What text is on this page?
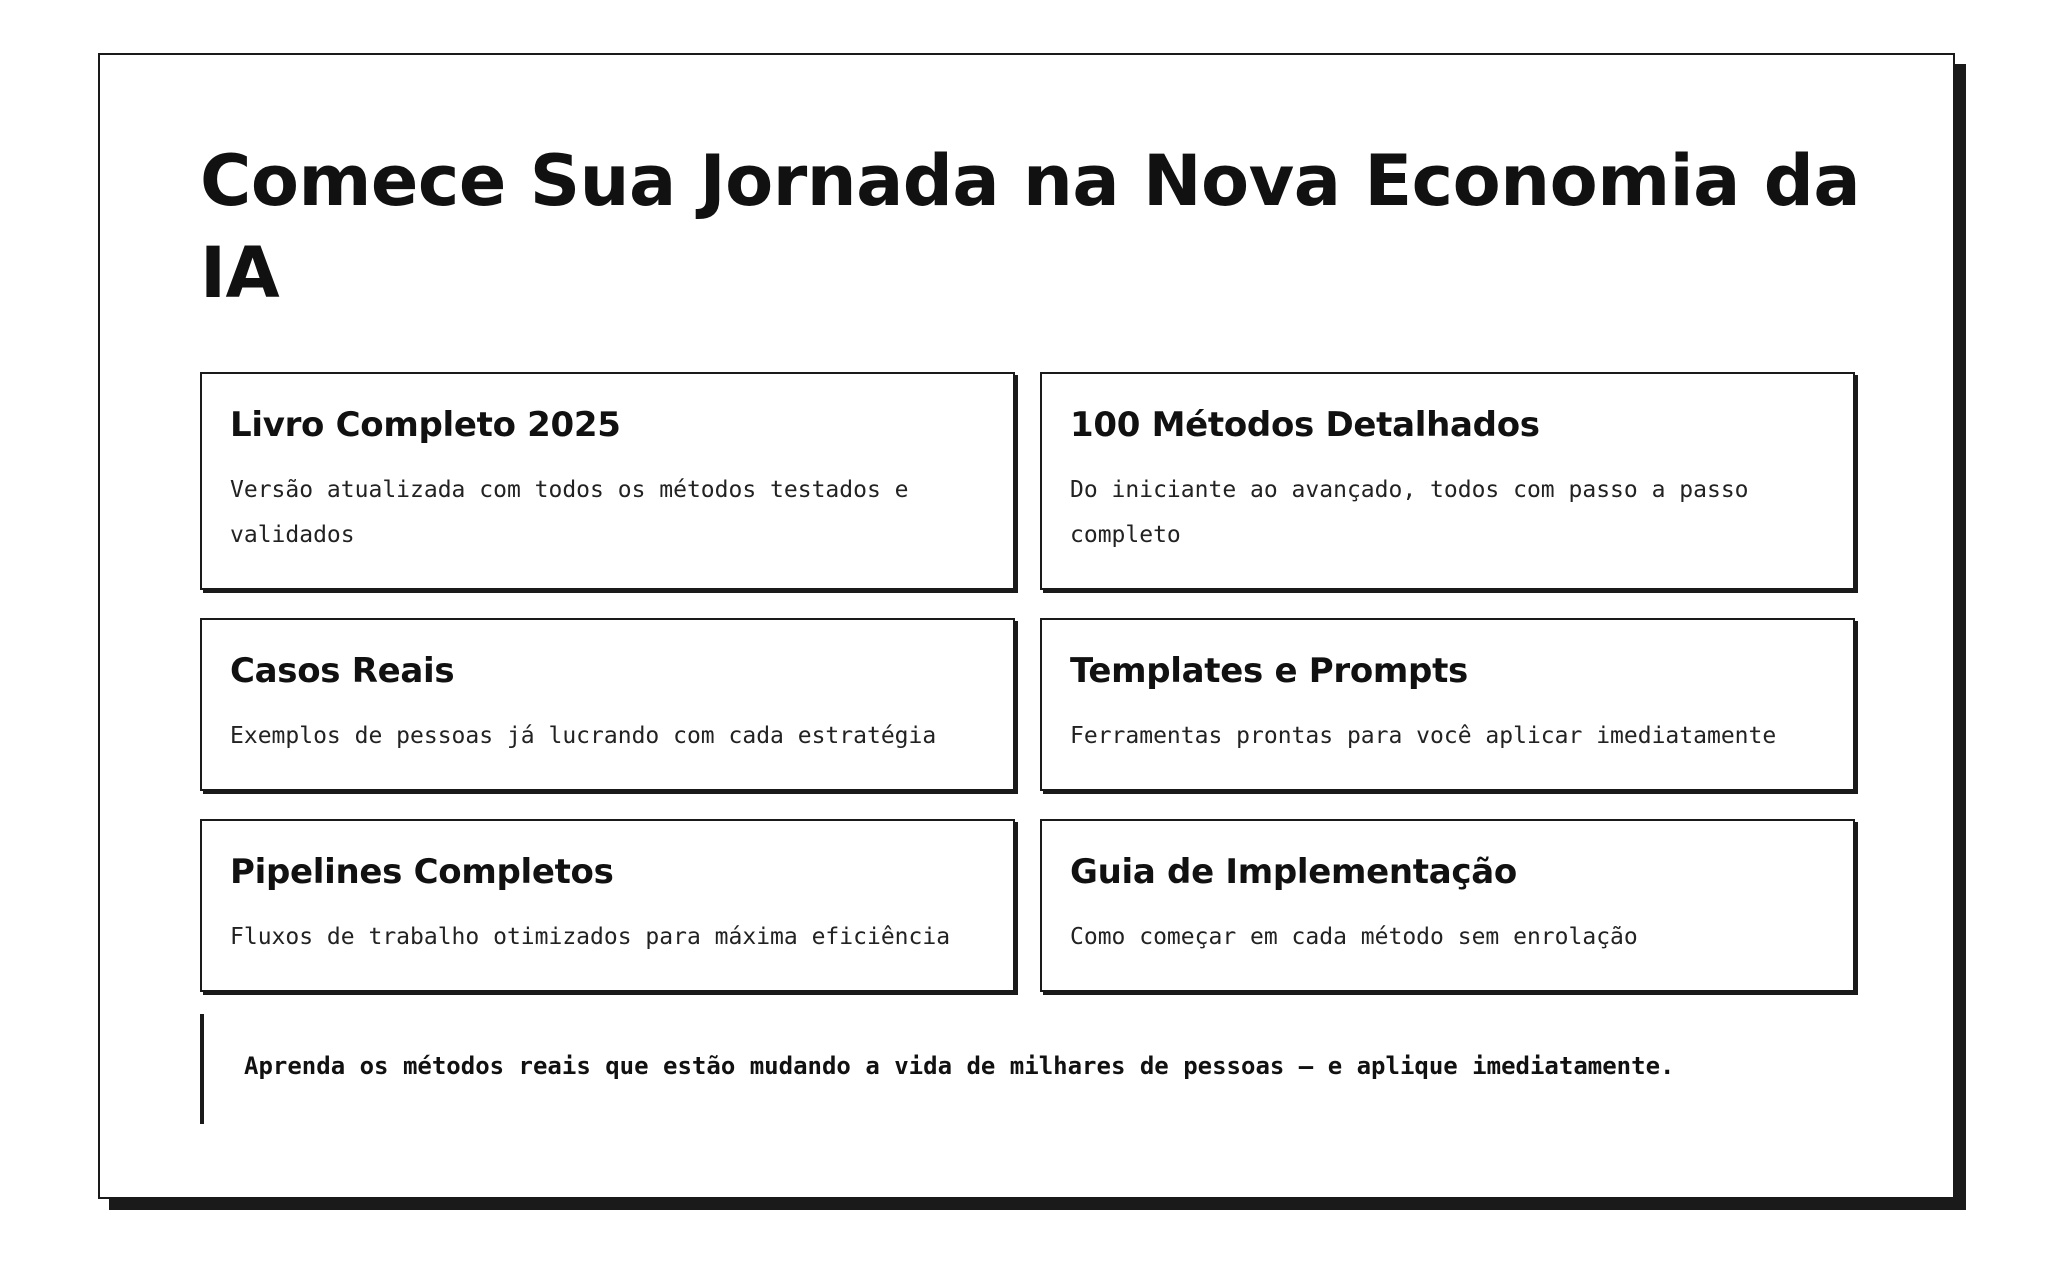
Comece Sua Jornada na Nova Economia da IA
Livro Completo 2025

Versão atualizada com todos os métodos testados e validados

100 Métodos Detalhados

Do iniciante ao avançado, todos com passo a passo completo

Casos Reais

Exemplos de pessoas já lucrando com cada estratégia

Templates e Prompts

Ferramentas prontas para você aplicar imediatamente

Pipelines Completos

Fluxos de trabalho otimizados para máxima eficiência

Guia de Implementação

Como começar em cada método sem enrolação

Aprenda os métodos reais que estão mudando a vida de milhares de pessoas — e aplique imediatamente.
